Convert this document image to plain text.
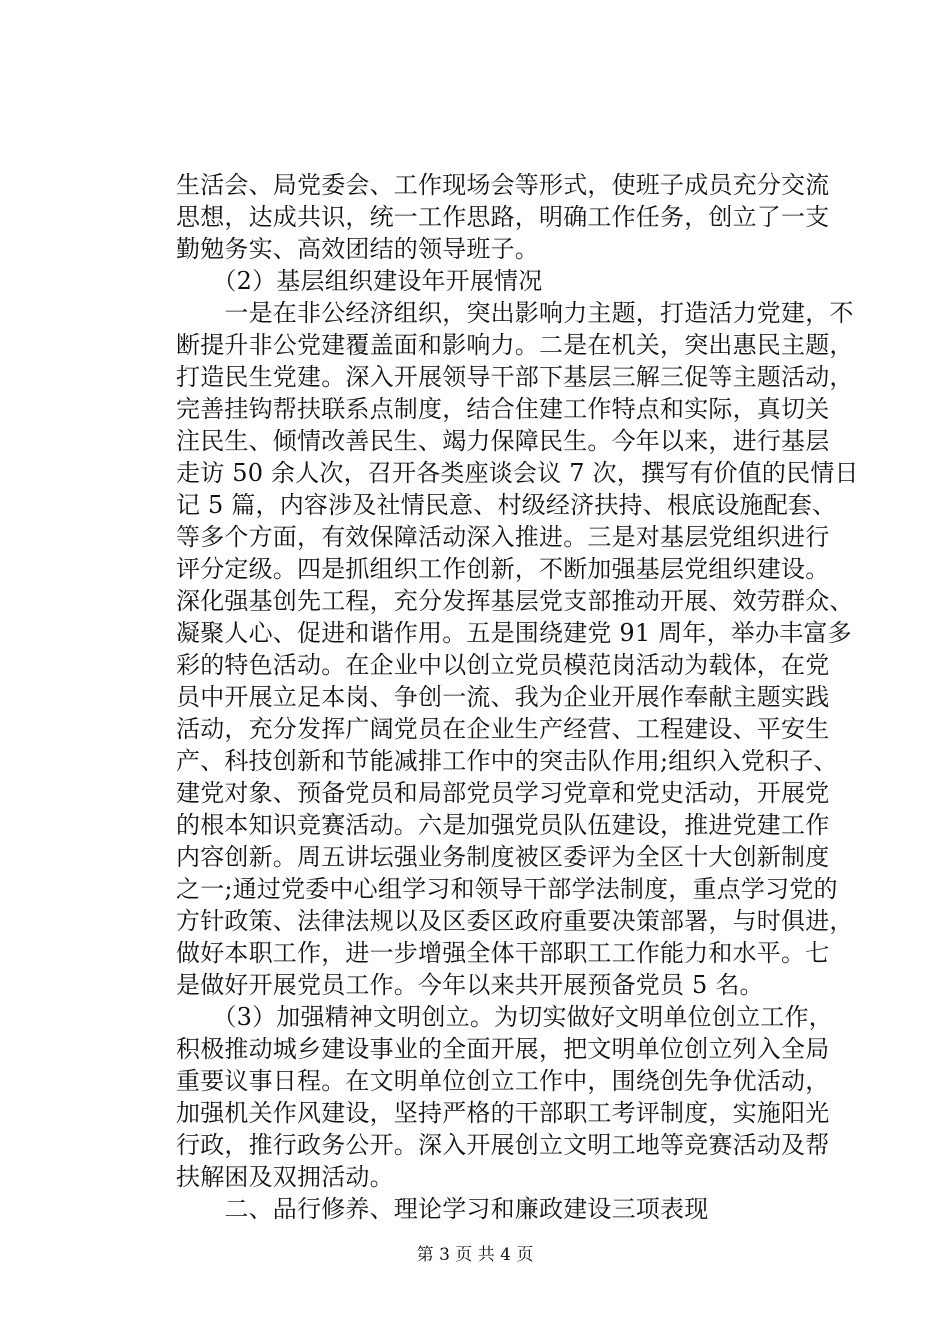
生活会、局党委会、工作现场会等形式，使班子成员充分交流
思想，达成共识，统一工作思路，明确工作任务，创立了一支
勤勉务实、高效团结的领导班子。
　　（2）基层组织建设年开展情况
　　一是在非公经济组织，突出影响力主题，打造活力党建，不
断提升非公党建覆盖面和影响力。二是在机关，突出惠民主题，
打造民生党建。深入开展领导干部下基层三解三促等主题活动，
完善挂钩帮扶联系点制度，结合住建工作特点和实际，真切关
注民生、倾情改善民生、竭力保障民生。今年以来，进行基层
走访 50 余人次，召开各类座谈会议 7 次，撰写有价值的民情日
记 5 篇，内容涉及社情民意、村级经济扶持、根底设施配套、
等多个方面，有效保障活动深入推进。三是对基层党组织进行
评分定级。四是抓组织工作创新，不断加强基层党组织建设。
深化强基创先工程，充分发挥基层党支部推动开展、效劳群众、
凝聚人心、促进和谐作用。五是围绕建党 91 周年，举办丰富多
彩的特色活动。在企业中以创立党员模范岗活动为载体，在党
员中开展立足本岗、争创一流、我为企业开展作奉献主题实践
活动，充分发挥广阔党员在企业生产经营、工程建设、平安生
产、科技创新和节能减排工作中的突击队作用;组织入党积子、
建党对象、预备党员和局部党员学习党章和党史活动，开展党
的根本知识竞赛活动。六是加强党员队伍建设，推进党建工作
内容创新。周五讲坛强业务制度被区委评为全区十大创新制度
之一;通过党委中心组学习和领导干部学法制度，重点学习党的
方针政策、法律法规以及区委区政府重要决策部署，与时俱进，
做好本职工作，进一步增强全体干部职工工作能力和水平。七
是做好开展党员工作。今年以来共开展预备党员 5 名。
　　（3）加强精神文明创立。为切实做好文明单位创立工作，
积极推动城乡建设事业的全面开展，把文明单位创立列入全局
重要议事日程。在文明单位创立工作中，围绕创先争优活动，
加强机关作风建设，坚持严格的干部职工考评制度，实施阳光
行政，推行政务公开。深入开展创立文明工地等竞赛活动及帮
扶解困及双拥活动。
　　二、品行修养、理论学习和廉政建设三项表现
第 3 页 共 4 页
